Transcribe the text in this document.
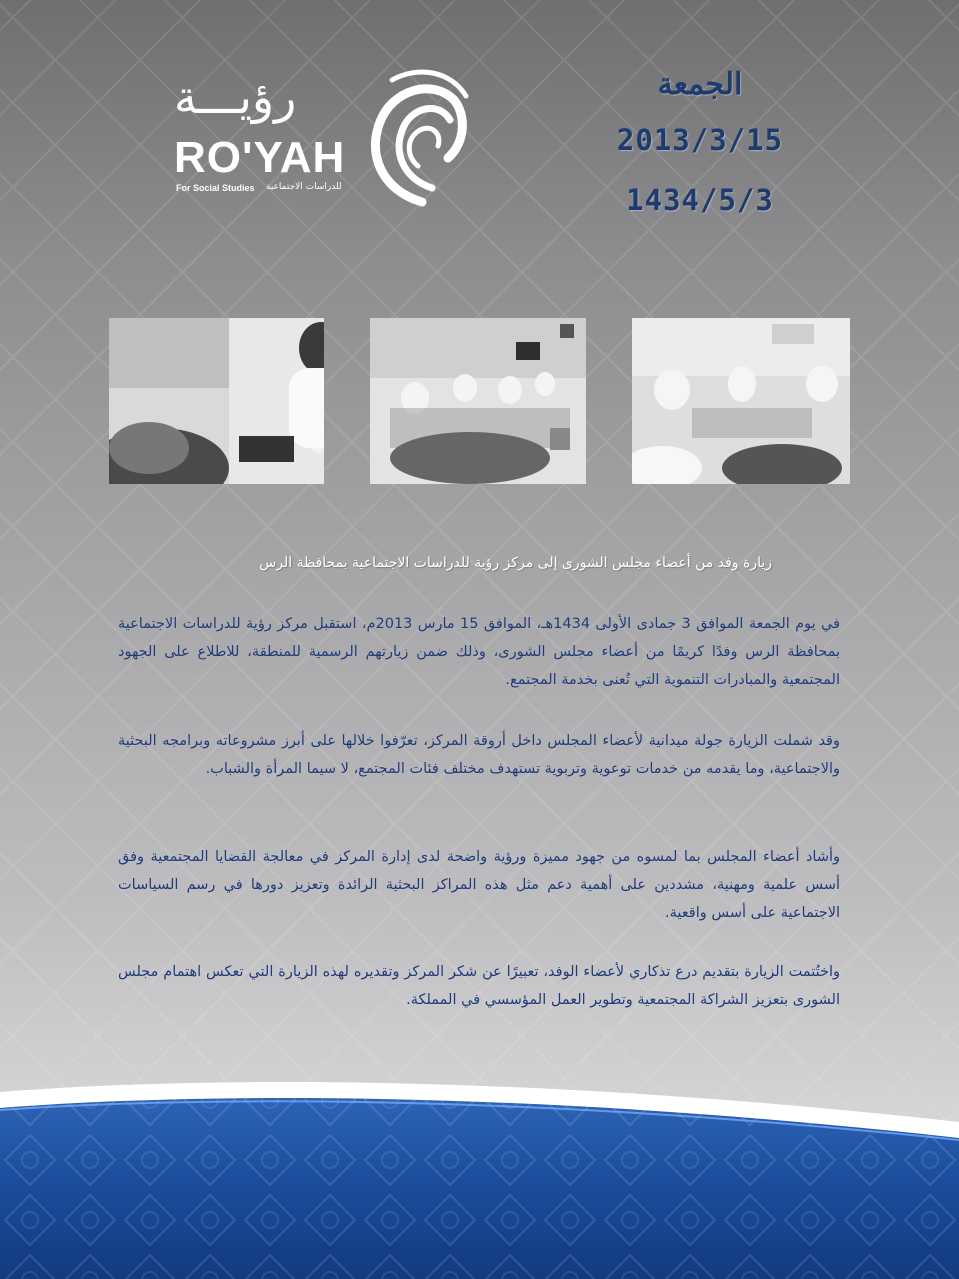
رؤيـــة
RO'YAH
For Social Studies للدراسات الاجتماعية
الجمعة
2013/3/15
1434/5/3
زيارة وفد من أعضاء مجلس الشورى إلى مركز رؤية للدراسات الاجتماعية بمحافظة الرس
في يوم الجمعة الموافق 3 جمادى الأولى 1434هـ، الموافق 15 مارس 2013م، استقبل مركز رؤية للدراسات الاجتماعية بمحافظة الرس وفدًا كريمًا من أعضاء مجلس الشورى، وذلك ضمن زيارتهم الرسمية للمنطقة، للاطلاع على الجهود المجتمعية والمبادرات التنموية التي تُعنى بخدمة المجتمع.
وقد شملت الزيارة جولة ميدانية لأعضاء المجلس داخل أروقة المركز، تعرّفوا خلالها على أبرز مشروعاته وبرامجه البحثية والاجتماعية، وما يقدمه من خدمات توعوية وتربوية تستهدف مختلف فئات المجتمع، لا سيما المرأة والشباب.
وأشاد أعضاء المجلس بما لمسوه من جهود مميزة ورؤية واضحة لدى إدارة المركز في معالجة القضايا المجتمعية وفق أسس علمية ومهنية، مشددين على أهمية دعم مثل هذه المراكز البحثية الرائدة وتعزيز دورها في رسم السياسات الاجتماعية على أسس واقعية.
واختُتمت الزيارة بتقديم درع تذكاري لأعضاء الوفد، تعبيرًا عن شكر المركز وتقديره لهذه الزيارة التي تعكس اهتمام مجلس الشورى بتعزيز الشراكة المجتمعية وتطوير العمل المؤسسي في المملكة.
